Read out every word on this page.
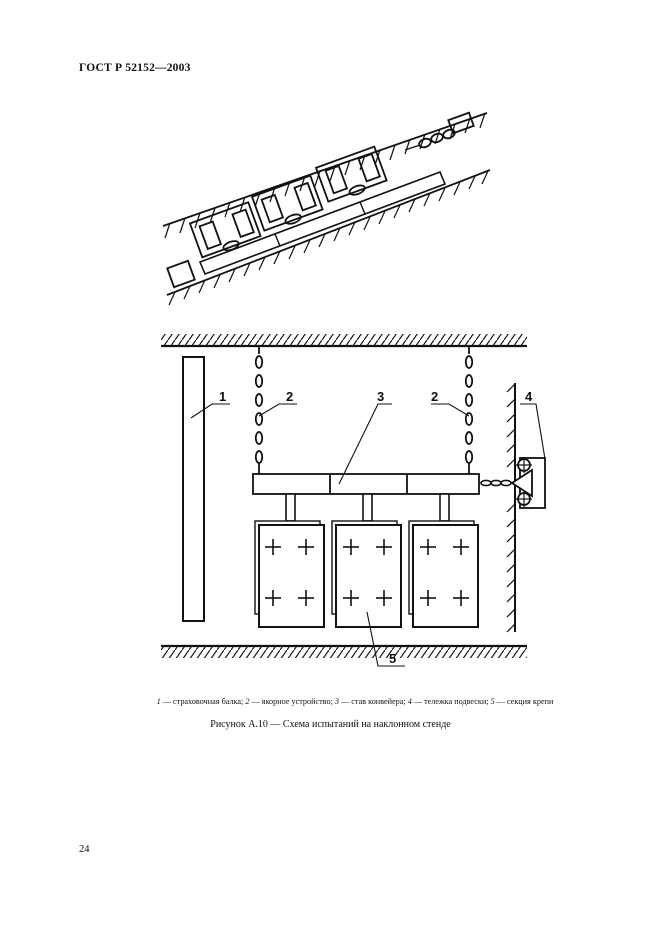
ГОСТ Р 52152—2003
1	2	3	2	4
5
1 — страховочная балка; 2 — якорное устройство; 3 — став конвейера; 4 — тележка подвески; 5 — секция крепи
Рисунок А.10 — Схема испытаний на наклонном стенде
24
